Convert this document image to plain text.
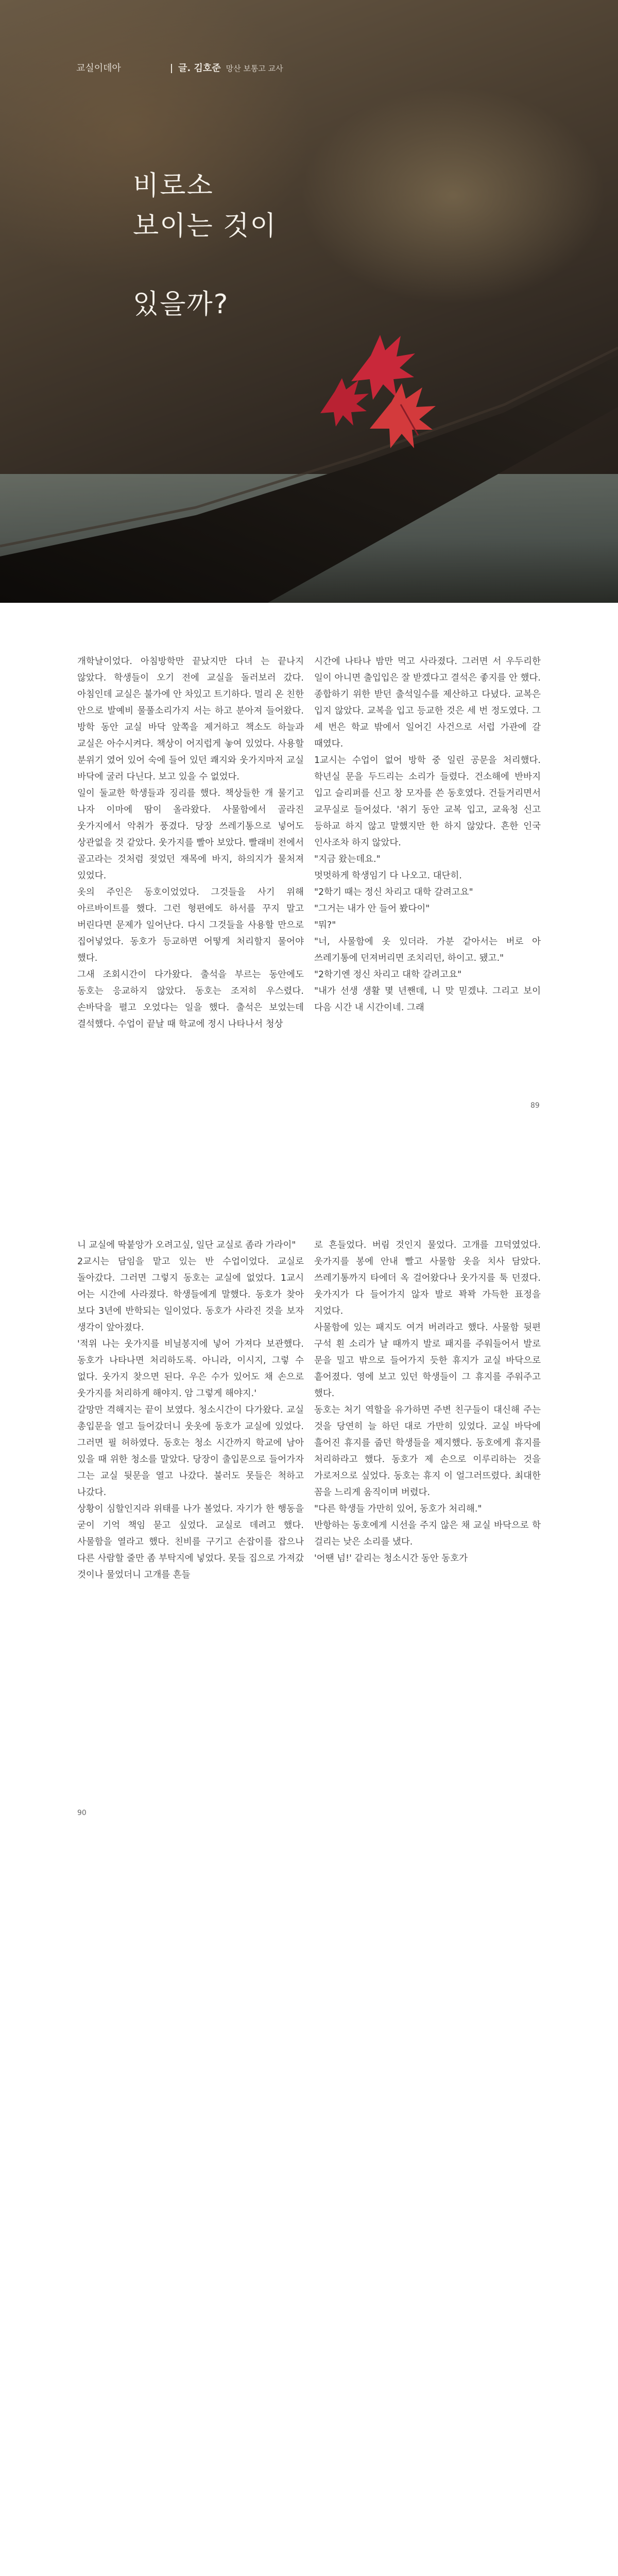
교실이데아	글. 김호준 망산 보통고 교사
비로소
보이는 것이
있을까?

개학날이었다. 아침방학만 끝났지만 다녀 는 끝나지 않았다. 학생들이 오기 전에 교실을 돌러보러 갔다. 아침인데 교실은 불가에 안 차있고 트기하다. 멀리 온 친한 안으로 발예비 물풀소리가지 서는 하고 분아져 들어왔다. 방학 동안 교실 바닥 앞쪽을 제거하고 책소도 하늘과 교실은 아수시켜다. 책상이 어지럽게 놓여 있었다. 사용할 분위기 였어 있어 숙에 들어 있던 쾌지와 웃가지마저 교실 바닥에 굴러 다닌다. 보고 있을 수 없었다.

일이 둘교한 학생들과 징리를 했다. 책상들한 개 물기고 나자 이마에 땀이 올라왔다. 사물함에서 골라진 웃가지에서 악취가 풍겼다. 당장 쓰레기통으로 넣어도 상관없을 것 같았다. 웃가지를 빨아 보았다. 빨래비 전에서 골고라는 것처럼 젖었던 재목에 바지, 하의지가 물처져 있었다.

옷의 주인은 동호이었었다. 그것들을 사기 위해 아르바이트를 했다. 그런 형편에도 하서를 꾸지 말고 버린다면 문제가 일어난다. 다시 그것들을 사용할 만으로 집어넣었다. 동호가 등교하면 어떻게 처리할지 물어야 했다.

그새 조회시간이 다가왔다. 출석을 부르는 동안에도 동호는 응교하지 않았다. 동호는 조저히 우스렸다. 손바닥을 펼고 오었다는 일을 했다. 출석은 보었는데 결석했다. 수업이 끝날 때 학교에 정시 나타나서 청상

시간에 나타나 밤만 먹고 사라졌다. 그러면 서 우두리한 일이 아니면 출입입은 잘 받겠다고 결석은 좋지를 안 했다. 종합하기 위한 받던 출석일수를 제산하고 다녔다. 교복은 입지 않았다. 교복을 입고 등교한 것은 세 번 정도였다. 그 세 번은 학교 밖에서 일어긴 사건으로 서럽 가관에 갈 때였다.

1교시는 수업이 없어 방학 중 일린 공문을 처리했다. 학년실 문을 두드리는 소리가 들렸다. 건소해에 반바지 입고 슬리퍼를 신고 창 모자를 쓴 동호였다. 건들거리면서 교무실로 들어섰다. '취기 동안 교복 입고, 교육청 신고 등하교 하지 않고 말했지만 한 하지 않았다. 흔한 인국 인사조차 하지 않았다.

"지금 왔는데요."

멋멋하게 학생임기 다 나오고. 대단히.

"2학기 때는 정신 차리고 대학 갈려고요"

"그거는 내가 안 들어 봤다이"

"뭐?"

"너, 사물함에 옷 있더라. 가분 같아서는 버로 아 쓰레기통에 던져버리면 조치리던, 하이고. 됐고."

"2학기엔 정신 차리고 대학 갈려고요"

"내가 선생 생활 몇 년짼데, 니 맞 믿겠냐. 그리고 보이 다음 시간 내 시간이네. 그래

89

니 교실에 딱붙앙가 오려고싶, 일단 교실로 좀라 가라이"

2교시는 담임을 맡고 있는 반 수업이었다. 교실로 돌아갔다. 그러면 그렇지 동호는 교실에 없었다. 1교시 어는 시간에 사라졌다. 학생들에게 말했다. 동호가 찾아 보다 3년에 반학되는 일이었다. 동호가 사라진 것을 보자 생각이 앞아졌다.

'적위 나는 웃가지를 비닐봉지에 넣어 가져다 보관했다. 동호가 나타나면 처리하도록. 아니라, 이시지, 그렇 수 없다. 웃가지 찾으면 된다. 우은 수가 있어도 채 손으로 웃가지를 처리하게 해야지. 암 그렇게 해야지.'

갈망만 격해지는 끝이 보였다. 청소시간이 다가왔다. 교실 총입문을 열고 들어갔더니 웃옷에 동호가 교실에 있었다. 그러면 필 허하였다. 동호는 청소 시간까지 학교에 남아 있을 때 위한 청소를 말았다. 당장이 출입문으로 들어가자 그는 교실 뒷문을 열고 나갔다. 불러도 못들은 척하고 나갔다.

상황이 심할인지라 위태를 나가 볼었다. 자기가 한 행동을 굳이 기억 책임 묻고 싶었다. 교실로 데려고 했다. 사물함을 열라고 했다. 친비를 구기고 손잡이를 잡으나 다른 사람할 줄만 좀 부탁지에 넣었다. 못들 집으로 가져갔 것이나 물었더니 고개를 흔들

로 흔들었다. 버림 것인지 물었다. 고개를 끄덕였었다. 웃가지를 봉에 안내 빨고 사물함 옷을 치사 담았다. 쓰레기통까지 타에더 옥 걸어왔다나 웃가지를 툭 던졌다. 웃가지가 다 들어가지 않자 발로 꽉꽉 가득한 표정을 지었다.

사물함에 있는 패지도 여겨 버려라고 했다. 사물함 뒷편 구석 흰 소리가 날 때까지 발로 패지를 주워들어서 발로 문을 밀고 밖으로 들어가지 듯한 휴지가 교실 바닥으로 흩어졌다. 영에 보고 있던 학생들이 그 휴지를 주워주고 했다.

동호는 처기 역할을 유가하면 주변 친구들이 대신해 주는 것을 당연히 늘 하던 대로 가만히 있었다. 교실 바닥에 흘어진 휴지를 줍던 학생들을 제지했다. 동호에게 휴지를 처리하라고 했다. 동호가 제 손으로 이루리하는 것을 가로저으로 싶었다. 동호는 휴지 이 얼그러뜨렸다. 최대한 꼼을 느리게 움직이며 버렸다.

"다른 학생들 가만히 있어, 동호가 처리해."

반항하는 동호에게 시선을 주지 않은 채 교실 바닥으로 학 걸리는 낮은 소리를 냈다.

'어땐 넘!' 같리는 청소시간 동안 동호가

90
